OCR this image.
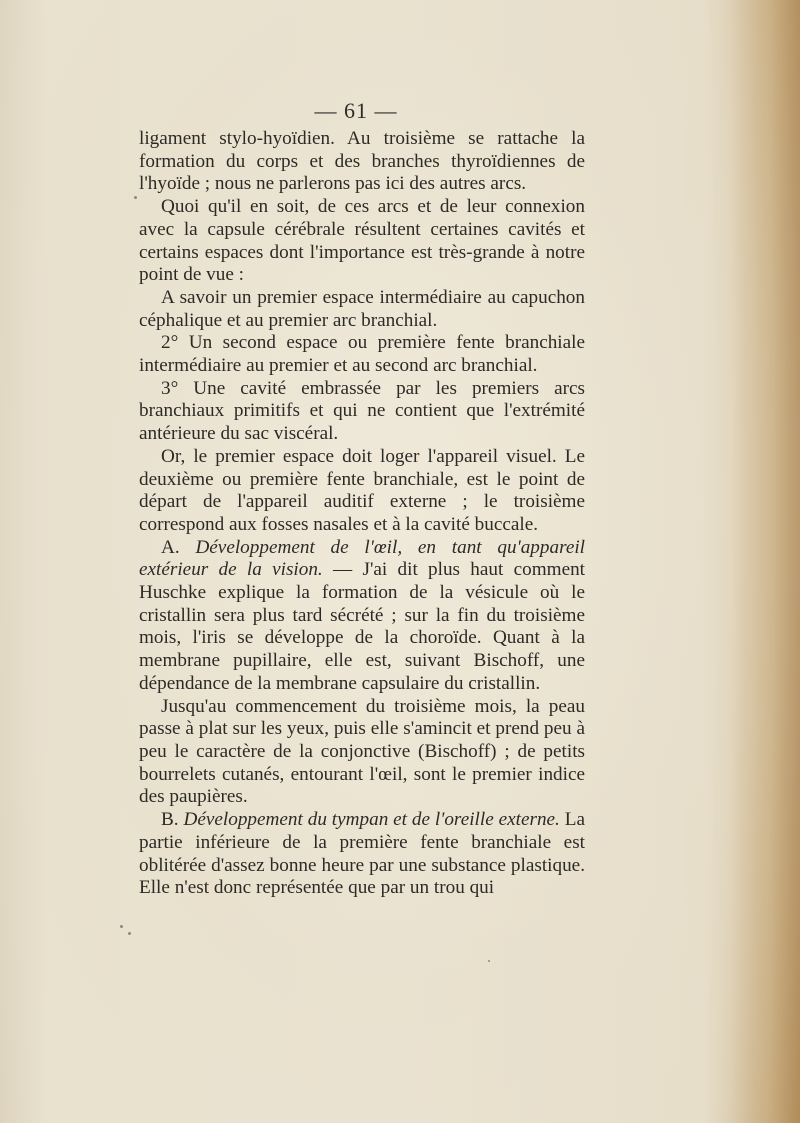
— 61 —

ligament stylo-hyoïdien. Au troisième se rattache la formation du corps et des branches thyroïdiennes de l'hyoïde ; nous ne parlerons pas ici des autres arcs.

Quoi qu'il en soit, de ces arcs et de leur connexion avec la capsule cérébrale résultent certaines cavités et certains espaces dont l'importance est très-grande à notre point de vue :

A savoir un premier espace intermédiaire au capuchon céphalique et au premier arc branchial.

2° Un second espace ou première fente branchiale intermédiaire au premier et au second arc branchial.

3° Une cavité embrassée par les premiers arcs branchiaux primitifs et qui ne contient que l'extrémité antérieure du sac viscéral.

Or, le premier espace doit loger l'appareil visuel. Le deuxième ou première fente branchiale, est le point de départ de l'appareil auditif externe ; le troisième correspond aux fosses nasales et à la cavité buccale.

A. Développement de l'œil, en tant qu'appareil extérieur de la vision. — J'ai dit plus haut comment Huschke explique la formation de la vésicule où le cristallin sera plus tard sécrété ; sur la fin du troisième mois, l'iris se développe de la choroïde. Quant à la membrane pupillaire, elle est, suivant Bischoff, une dépendance de la membrane capsulaire du cristallin.

Jusqu'au commencement du troisième mois, la peau passe à plat sur les yeux, puis elle s'amincit et prend peu à peu le caractère de la conjonctive (Bischoff) ; de petits bourrelets cutanés, entourant l'œil, sont le premier indice des paupières.

B. Développement du tympan et de l'oreille externe. La partie inférieure de la première fente branchiale est oblitérée d'assez bonne heure par une substance plastique. Elle n'est donc représentée que par un trou qui
